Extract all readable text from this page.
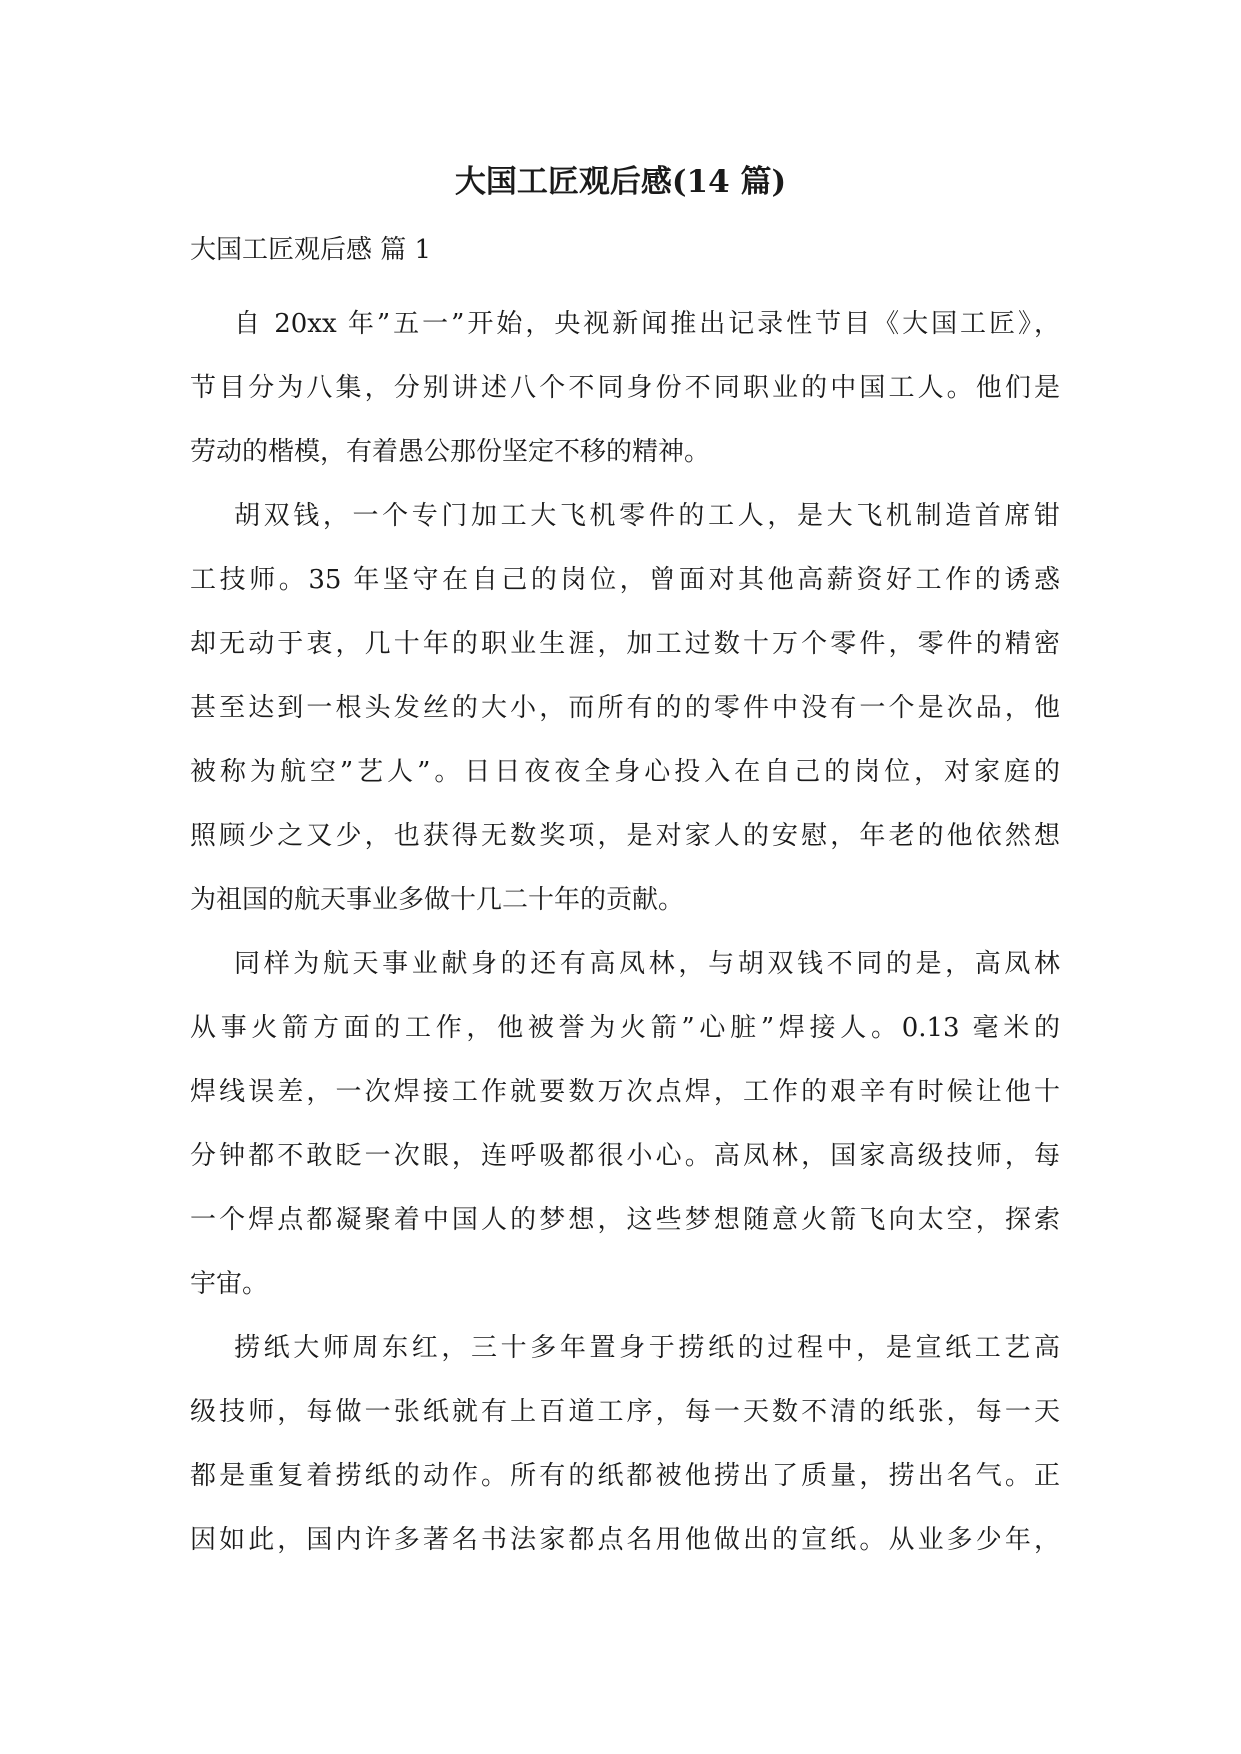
大国工匠观后感(14 篇)
大国工匠观后感 篇 1
自 20xx 年”五一”开始，央视新闻推出记录性节目《大国工匠》，
节目分为八集，分别讲述八个不同身份不同职业的中国工人。他们是
劳动的楷模，有着愚公那份坚定不移的精神。
胡双钱，一个专门加工大飞机零件的工人，是大飞机制造首席钳
工技师。35 年坚守在自己的岗位，曾面对其他高薪资好工作的诱惑
却无动于衷，几十年的职业生涯，加工过数十万个零件，零件的精密
甚至达到一根头发丝的大小，而所有的的零件中没有一个是次品，他
被称为航空”艺人”。日日夜夜全身心投入在自己的岗位，对家庭的
照顾少之又少，也获得无数奖项，是对家人的安慰，年老的他依然想
为祖国的航天事业多做十几二十年的贡献。
同样为航天事业献身的还有高凤林，与胡双钱不同的是，高凤林
从事火箭方面的工作，他被誉为火箭”心脏”焊接人。0.13 毫米的
焊线误差，一次焊接工作就要数万次点焊，工作的艰辛有时候让他十
分钟都不敢眨一次眼，连呼吸都很小心。高凤林，国家高级技师，每
一个焊点都凝聚着中国人的梦想，这些梦想随意火箭飞向太空，探索
宇宙。
捞纸大师周东红，三十多年置身于捞纸的过程中，是宣纸工艺高
级技师，每做一张纸就有上百道工序，每一天数不清的纸张，每一天
都是重复着捞纸的动作。所有的纸都被他捞出了质量，捞出名气。正
因如此，国内许多著名书法家都点名用他做出的宣纸。从业多少年，
